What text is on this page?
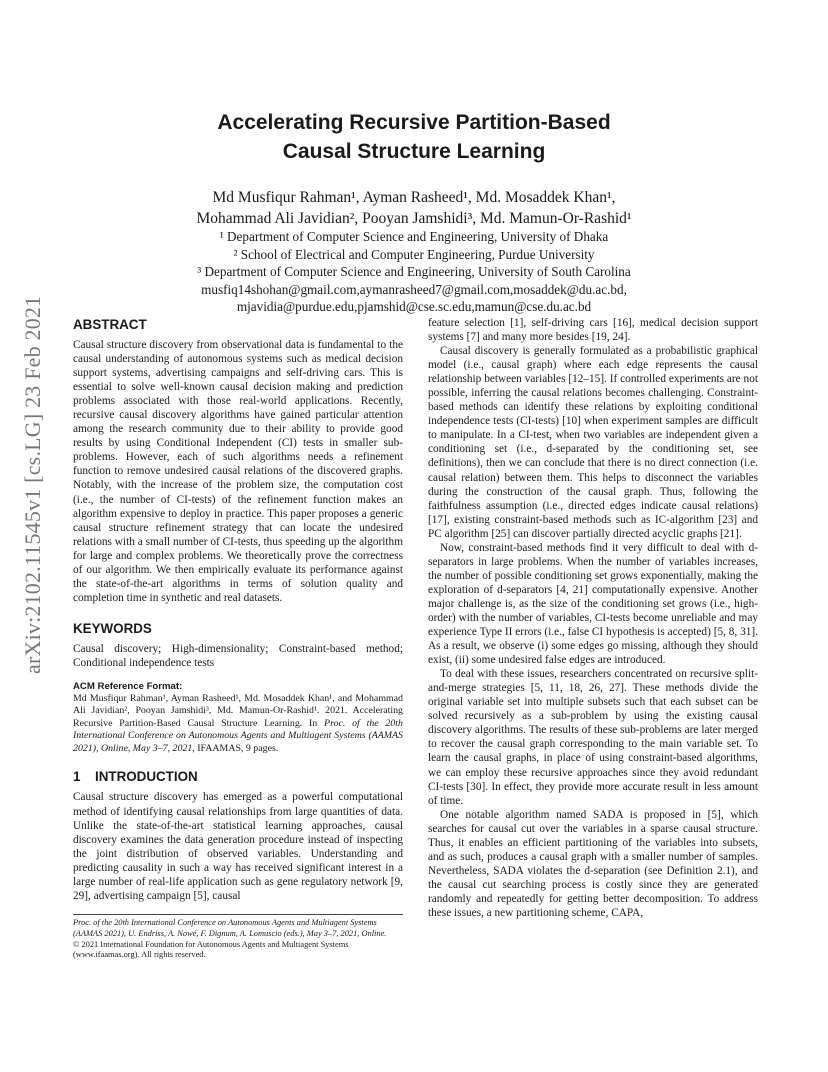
arXiv:2102.11545v1 [cs.LG] 23 Feb 2021
Accelerating Recursive Partition-Based
Causal Structure Learning
Md Musfiqur Rahman¹, Ayman Rasheed¹, Md. Mosaddek Khan¹,
Mohammad Ali Javidian², Pooyan Jamshidi³, Md. Mamun-Or-Rashid¹
¹ Department of Computer Science and Engineering, University of Dhaka
² School of Electrical and Computer Engineering, Purdue University
³ Department of Computer Science and Engineering, University of South Carolina
musfiq14shohan@gmail.com,aymanrasheed7@gmail.com,mosaddek@du.ac.bd,
mjavidia@purdue.edu,pjamshid@cse.sc.edu,mamun@cse.du.ac.bd
ABSTRACT

Causal structure discovery from observational data is fundamental to the causal understanding of autonomous systems such as medical decision support systems, advertising campaigns and self-driving cars. This is essential to solve well-known causal decision making and prediction problems associated with those real-world applications. Recently, recursive causal discovery algorithms have gained particular attention among the research community due to their ability to provide good results by using Conditional Independent (CI) tests in smaller sub-problems. However, each of such algorithms needs a refinement function to remove undesired causal relations of the discovered graphs. Notably, with the increase of the problem size, the computation cost (i.e., the number of CI-tests) of the refinement function makes an algorithm expensive to deploy in practice. This paper proposes a generic causal structure refinement strategy that can locate the undesired relations with a small number of CI-tests, thus speeding up the algorithm for large and complex problems. We theoretically prove the correctness of our algorithm. We then empirically evaluate its performance against the state-of-the-art algorithms in terms of solution quality and completion time in synthetic and real datasets.

KEYWORDS

Causal discovery; High-dimensionality; Constraint-based method; Conditional independence tests

ACM Reference Format:
Md Musfiqur Rahman¹, Ayman Rasheed¹, Md. Mosaddek Khan¹, and Mohammad Ali Javidian², Pooyan Jamshidi³, Md. Mamun-Or-Rashid¹. 2021. Accelerating Recursive Partition-Based Causal Structure Learning. In Proc. of the 20th International Conference on Autonomous Agents and Multiagent Systems (AAMAS 2021), Online, May 3–7, 2021, IFAAMAS, 9 pages.
1 INTRODUCTION

Causal structure discovery has emerged as a powerful computational method of identifying causal relationships from large quantities of data. Unlike the state-of-the-art statistical learning approaches, causal discovery examines the data generation procedure instead of inspecting the joint distribution of observed variables. Understanding and predicting causality in such a way has received significant interest in a large number of real-life application such as gene regulatory network [9, 29], advertising campaign [5], causal

feature selection [1], self-driving cars [16], medical decision support systems [7] and many more besides [19, 24].

Causal discovery is generally formulated as a probabilistic graphical model (i.e., causal graph) where each edge represents the causal relationship between variables [12–15]. If controlled experiments are not possible, inferring the causal relations becomes challenging. Constraint-based methods can identify these relations by exploiting conditional independence tests (CI-tests) [10] when experiment samples are difficult to manipulate. In a CI-test, when two variables are independent given a conditioning set (i.e., d-separated by the conditioning set, see definitions), then we can conclude that there is no direct connection (i.e. causal relation) between them. This helps to disconnect the variables during the construction of the causal graph. Thus, following the faithfulness assumption (i.e., directed edges indicate causal relations) [17], existing constraint-based methods such as IC-algorithm [23] and PC algorithm [25] can discover partially directed acyclic graphs [21].

Now, constraint-based methods find it very difficult to deal with d-separators in large problems. When the number of variables increases, the number of possible conditioning set grows exponentially, making the exploration of d-separators [4, 21] computationally expensive. Another major challenge is, as the size of the conditioning set grows (i.e., high-order) with the number of variables, CI-tests become unreliable and may experience Type II errors (i.e., false CI hypothesis is accepted) [5, 8, 31]. As a result, we observe (i) some edges go missing, although they should exist, (ii) some undesired false edges are introduced.

To deal with these issues, researchers concentrated on recursive split-and-merge strategies [5, 11, 18, 26, 27]. These methods divide the original variable set into multiple subsets such that each subset can be solved recursively as a sub-problem by using the existing causal discovery algorithms. The results of these sub-problems are later merged to recover the causal graph corresponding to the main variable set. To learn the causal graphs, in place of using constraint-based algorithms, we can employ these recursive approaches since they avoid redundant CI-tests [30]. In effect, they provide more accurate result in less amount of time.

One notable algorithm named SADA is proposed in [5], which searches for causal cut over the variables in a sparse causal structure. Thus, it enables an efficient partitioning of the variables into subsets, and as such, produces a causal graph with a smaller number of samples. Nevertheless, SADA violates the d-separation (see Definition 2.1), and the causal cut searching process is costly since they are generated randomly and repeatedly for getting better decomposition. To address these issues, a new partitioning scheme, CAPA,

Proc. of the 20th International Conference on Autonomous Agents and Multiagent Systems
(AAMAS 2021), U. Endriss, A. Nowé, F. Dignum, A. Lomuscio (eds.), May 3–7, 2021, Online.
© 2021 International Foundation for Autonomous Agents and Multiagent Systems
(www.ifaamas.org). All rights reserved.
